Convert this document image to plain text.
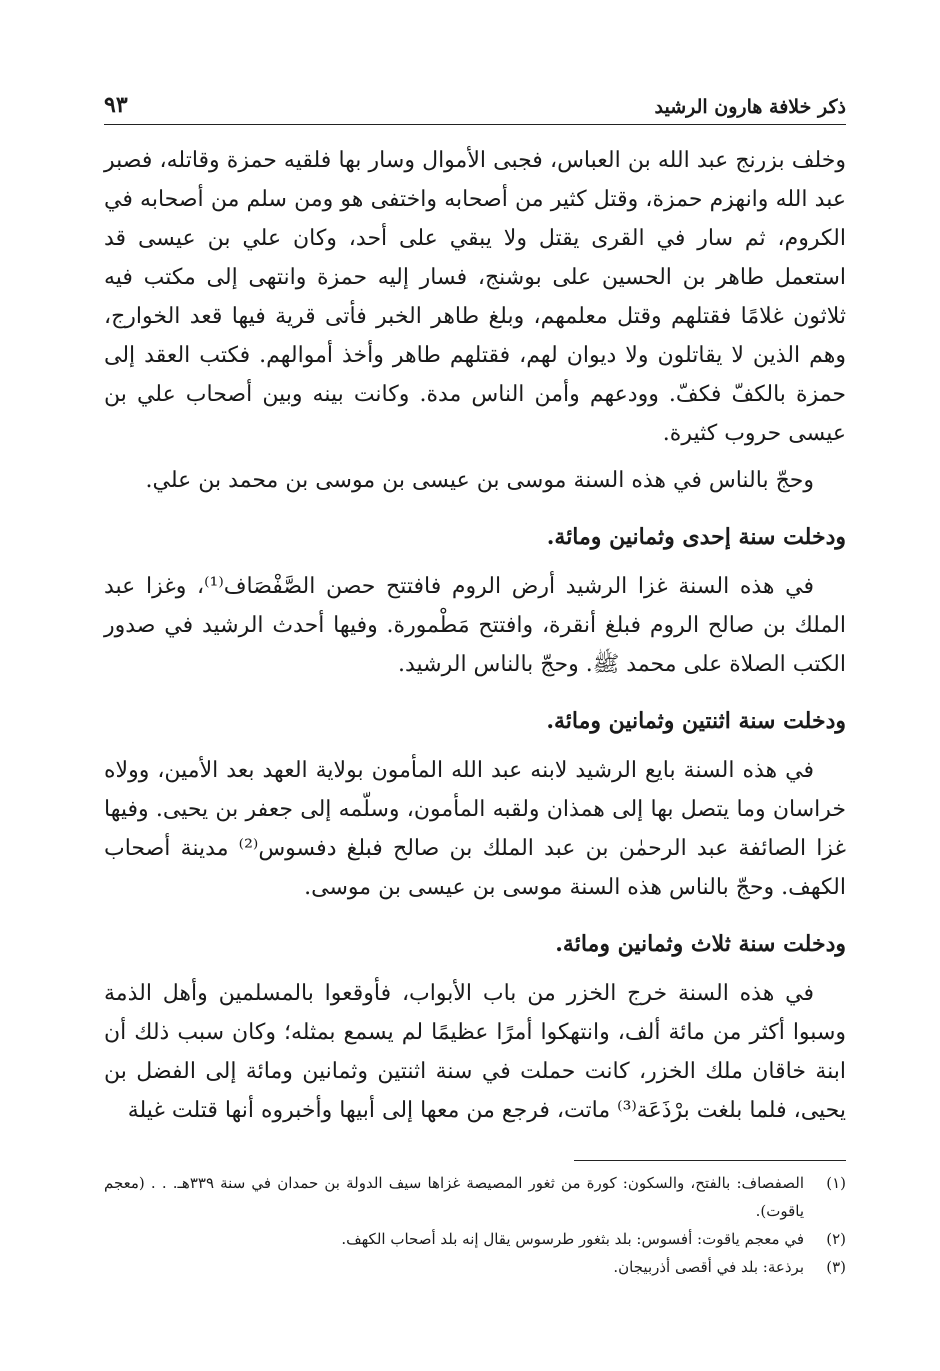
ذكر خلافة هارون الرشيد
٩٣

وخلف بزرنج عبد الله بن العباس، فجبى الأموال وسار بها فلقيه حمزة وقاتله، فصبر عبد الله وانهزم حمزة، وقتل كثير من أصحابه واختفى هو ومن سلم من أصحابه في الكروم، ثم سار في القرى يقتل ولا يبقي على أحد، وكان علي بن عيسى قد استعمل طاهر بن الحسين على بوشنج، فسار إليه حمزة وانتهى إلى مكتب فيه ثلاثون غلامًا فقتلهم وقتل معلمهم، وبلغ طاهر الخبر فأتى قرية فيها قعد الخوارج، وهم الذين لا يقاتلون ولا ديوان لهم، فقتلهم طاهر وأخذ أموالهم. فكتب العقد إلى حمزة بالكفّ فكفّ. وودعهم وأمن الناس مدة. وكانت بينه وبين أصحاب علي بن عيسى حروب كثيرة.

وحجّ بالناس في هذه السنة موسى بن عيسى بن موسى بن محمد بن علي.

ودخلت سنة إحدى وثمانين ومائة.

في هذه السنة غزا الرشيد أرض الروم فافتتح حصن الصَّفْصَاف⁽¹⁾، وغزا عبد الملك بن صالح الروم فبلغ أنقرة، وافتتح مَطْمورة. وفيها أحدث الرشيد في صدور الكتب الصلاة على محمد ﷺ. وحجّ بالناس الرشيد.

ودخلت سنة اثنتين وثمانين ومائة.

في هذه السنة بايع الرشيد لابنه عبد الله المأمون بولاية العهد بعد الأمين، وولاه خراسان وما يتصل بها إلى همذان ولقبه المأمون، وسلّمه إلى جعفر بن يحيى. وفيها غزا الصائفة عبد الرحمٰن بن عبد الملك بن صالح فبلغ دفسوس⁽²⁾ مدينة أصحاب الكهف. وحجّ بالناس هذه السنة موسى بن عيسى بن موسى.

ودخلت سنة ثلاث وثمانين ومائة.

في هذه السنة خرج الخزر من باب الأبواب، فأوقعوا بالمسلمين وأهل الذمة وسبوا أكثر من مائة ألف، وانتهكوا أمرًا عظيمًا لم يسمع بمثله؛ وكان سبب ذلك أن ابنة خاقان ملك الخزر، كانت حملت في سنة اثنتين وثمانين ومائة إلى الفضل بن يحيى، فلما بلغت برْذَعَة⁽³⁾ ماتت، فرجع من معها إلى أبيها وأخبروه أنها قتلت غيلة

(١)
الصفصاف: بالفتح، والسكون: كورة من ثغور المصيصة غزاها سيف الدولة بن حمدان في سنة ٣٣٩هـ. . . (معجم ياقوت).
(٢)
في معجم ياقوت: أفسوس: بلد بثغور طرسوس يقال إنه بلد أصحاب الكهف.
(٣)
برذعة: بلد في أقصى أذربيجان.
